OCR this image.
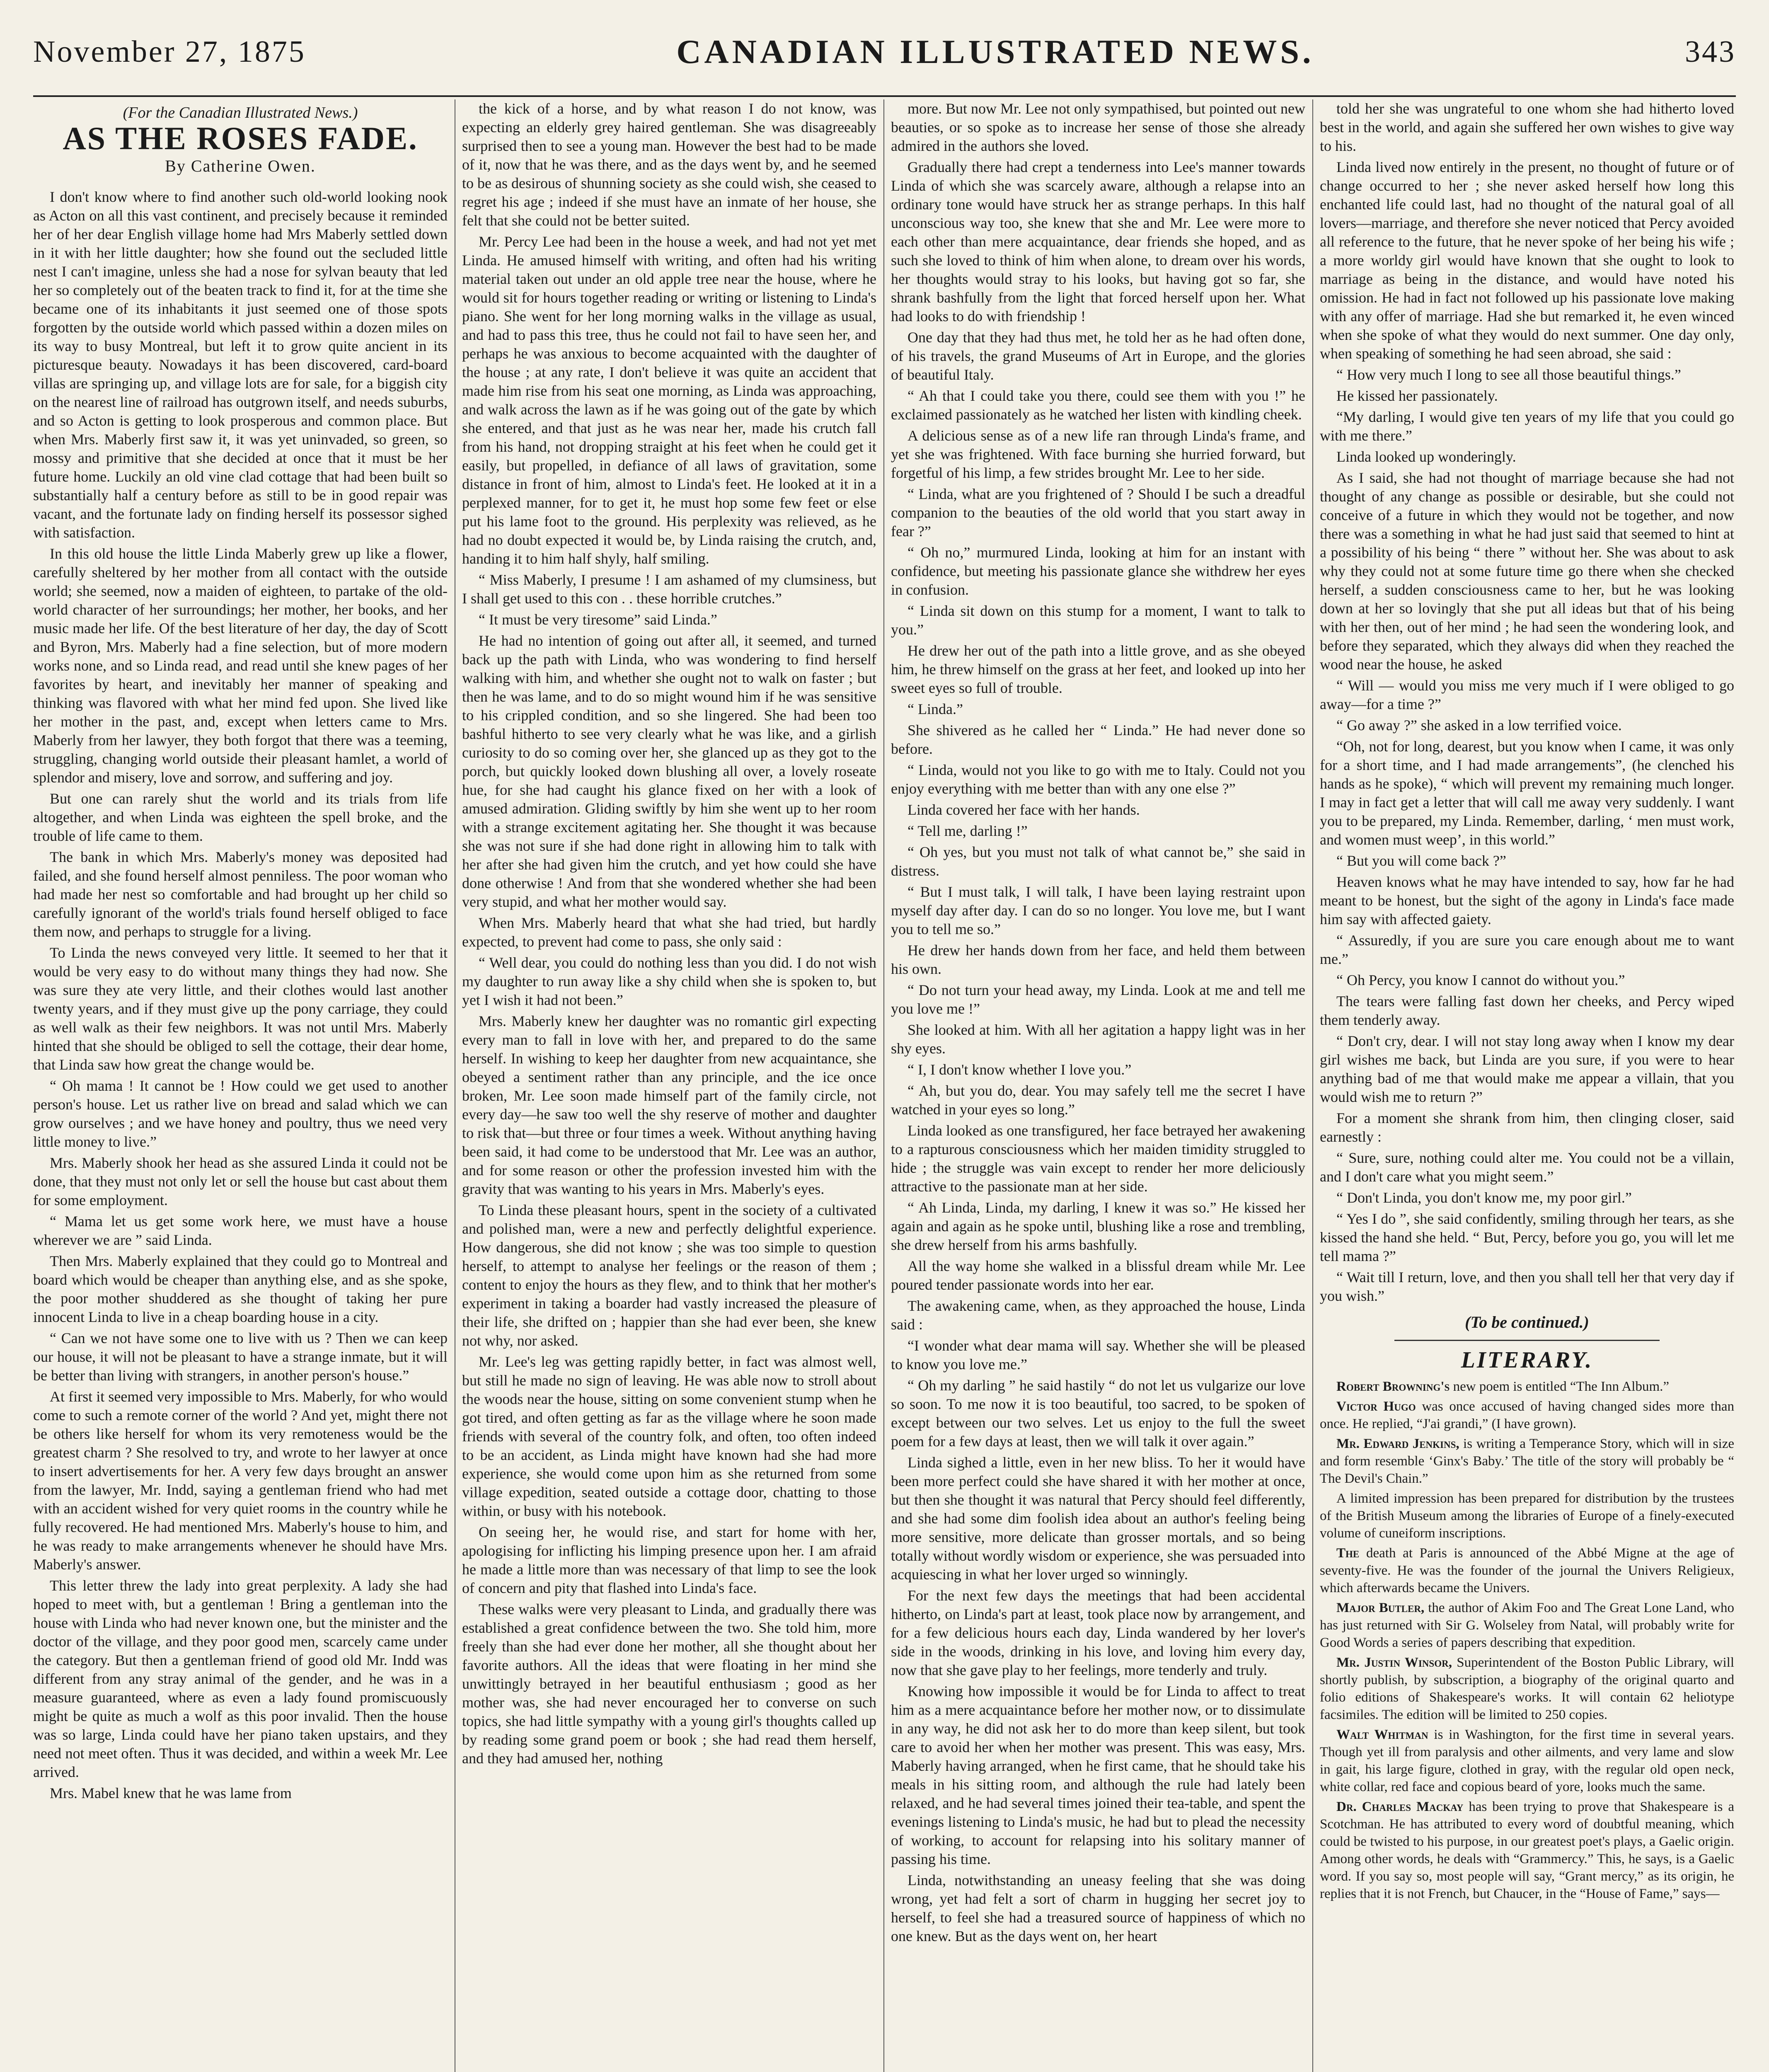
November 27, 1875	CANADIAN ILLUSTRATED NEWS.	343
(For the Canadian Illustrated News.)
AS THE ROSES FADE.
By Catherine Owen.

I don't know where to find another such old-world looking nook as Acton on all this vast continent, and precisely because it reminded her of her dear English village home had Mrs Maberly settled down in it with her little daughter; how she found out the secluded little nest I can't imagine, unless she had a nose for sylvan beauty that led her so completely out of the beaten track to find it, for at the time she became one of its inhabitants it just seemed one of those spots forgotten by the outside world which passed within a dozen miles on its way to busy Montreal, but left it to grow quite ancient in its picturesque beauty. Nowadays it has been discovered, card-board villas are springing up, and village lots are for sale, for a biggish city on the nearest line of railroad has outgrown itself, and needs suburbs, and so Acton is getting to look prosperous and common place. But when Mrs. Maberly first saw it, it was yet uninvaded, so green, so mossy and primitive that she decided at once that it must be her future home. Luckily an old vine clad cottage that had been built so substantially half a century before as still to be in good repair was vacant, and the fortunate lady on finding herself its possessor sighed with satisfaction.

In this old house the little Linda Maberly grew up like a flower, carefully sheltered by her mother from all contact with the outside world; she seemed, now a maiden of eighteen, to partake of the old-world character of her surroundings; her mother, her books, and her music made her life. Of the best literature of her day, the day of Scott and Byron, Mrs. Maberly had a fine selection, but of more modern works none, and so Linda read, and read until she knew pages of her favorites by heart, and inevitably her manner of speaking and thinking was flavored with what her mind fed upon. She lived like her mother in the past, and, except when letters came to Mrs. Maberly from her lawyer, they both forgot that there was a teeming, struggling, changing world outside their pleasant hamlet, a world of splendor and misery, love and sorrow, and suffering and joy.

But one can rarely shut the world and its trials from life altogether, and when Linda was eighteen the spell broke, and the trouble of life came to them.

The bank in which Mrs. Maberly's money was deposited had failed, and she found herself almost penniless. The poor woman who had made her nest so comfortable and had brought up her child so carefully ignorant of the world's trials found herself obliged to face them now, and perhaps to struggle for a living.

To Linda the news conveyed very little. It seemed to her that it would be very easy to do without many things they had now. She was sure they ate very little, and their clothes would last another twenty years, and if they must give up the pony carriage, they could as well walk as their few neighbors. It was not until Mrs. Maberly hinted that she should be obliged to sell the cottage, their dear home, that Linda saw how great the change would be.

“ Oh mama ! It cannot be ! How could we get used to another person's house. Let us rather live on bread and salad which we can grow ourselves ; and we have honey and poultry, thus we need very little money to live.”

Mrs. Maberly shook her head as she assured Linda it could not be done, that they must not only let or sell the house but cast about them for some employment.

“ Mama let us get some work here, we must have a house wherever we are ” said Linda.

Then Mrs. Maberly explained that they could go to Montreal and board which would be cheaper than anything else, and as she spoke, the poor mother shuddered as she thought of taking her pure innocent Linda to live in a cheap boarding house in a city.

“ Can we not have some one to live with us ? Then we can keep our house, it will not be pleasant to have a strange inmate, but it will be better than living with strangers, in another person's house.”

At first it seemed very impossible to Mrs. Maberly, for who would come to such a remote corner of the world ? And yet, might there not be others like herself for whom its very remoteness would be the greatest charm ? She resolved to try, and wrote to her lawyer at once to insert advertisements for her. A very few days brought an answer from the lawyer, Mr. Indd, saying a gentleman friend who had met with an accident wished for very quiet rooms in the country while he fully recovered. He had mentioned Mrs. Maberly's house to him, and he was ready to make arrangements whenever he should have Mrs. Maberly's answer.

This letter threw the lady into great perplexity. A lady she had hoped to meet with, but a gentleman ! Bring a gentleman into the house with Linda who had never known one, but the minister and the doctor of the village, and they poor good men, scarcely came under the category. But then a gentleman friend of good old Mr. Indd was different from any stray animal of the gender, and he was in a measure guaranteed, where as even a lady found promiscuously might be quite as much a wolf as this poor invalid. Then the house was so large, Linda could have her piano taken upstairs, and they need not meet often. Thus it was decided, and within a week Mr. Lee arrived.

Mrs. Mabel knew that he was lame from

the kick of a horse, and by what reason I do not know, was expecting an elderly grey haired gentleman. She was disagreeably surprised then to see a young man. However the best had to be made of it, now that he was there, and as the days went by, and he seemed to be as desirous of shunning society as she could wish, she ceased to regret his age ; indeed if she must have an inmate of her house, she felt that she could not be better suited.

Mr. Percy Lee had been in the house a week, and had not yet met Linda. He amused himself with writing, and often had his writing material taken out under an old apple tree near the house, where he would sit for hours together reading or writing or listening to Linda's piano. She went for her long morning walks in the village as usual, and had to pass this tree, thus he could not fail to have seen her, and perhaps he was anxious to become acquainted with the daughter of the house ; at any rate, I don't believe it was quite an accident that made him rise from his seat one morning, as Linda was approaching, and walk across the lawn as if he was going out of the gate by which she entered, and that just as he was near her, made his crutch fall from his hand, not dropping straight at his feet when he could get it easily, but propelled, in defiance of all laws of gravitation, some distance in front of him, almost to Linda's feet. He looked at it in a perplexed manner, for to get it, he must hop some few feet or else put his lame foot to the ground. His perplexity was relieved, as he had no doubt expected it would be, by Linda raising the crutch, and, handing it to him half shyly, half smiling.

“ Miss Maberly, I presume ! I am ashamed of my clumsiness, but I shall get used to this con . . these horrible crutches.”

“ It must be very tiresome” said Linda.”

He had no intention of going out after all, it seemed, and turned back up the path with Linda, who was wondering to find herself walking with him, and whether she ought not to walk on faster ; but then he was lame, and to do so might wound him if he was sensitive to his crippled condition, and so she lingered. She had been too bashful hitherto to see very clearly what he was like, and a girlish curiosity to do so coming over her, she glanced up as they got to the porch, but quickly looked down blushing all over, a lovely roseate hue, for she had caught his glance fixed on her with a look of amused admiration. Gliding swiftly by him she went up to her room with a strange excitement agitating her. She thought it was because she was not sure if she had done right in allowing him to talk with her after she had given him the crutch, and yet how could she have done otherwise ! And from that she wondered whether she had been very stupid, and what her mother would say.

When Mrs. Maberly heard that what she had tried, but hardly expected, to prevent had come to pass, she only said :

“ Well dear, you could do nothing less than you did. I do not wish my daughter to run away like a shy child when she is spoken to, but yet I wish it had not been.”

Mrs. Maberly knew her daughter was no romantic girl expecting every man to fall in love with her, and prepared to do the same herself. In wishing to keep her daughter from new acquaintance, she obeyed a sentiment rather than any principle, and the ice once broken, Mr. Lee soon made himself part of the family circle, not every day—he saw too well the shy reserve of mother and daughter to risk that—but three or four times a week. Without anything having been said, it had come to be understood that Mr. Lee was an author, and for some reason or other the profession invested him with the gravity that was wanting to his years in Mrs. Maberly's eyes.

To Linda these pleasant hours, spent in the society of a cultivated and polished man, were a new and perfectly delightful experience. How dangerous, she did not know ; she was too simple to question herself, to attempt to analyse her feelings or the reason of them ; content to enjoy the hours as they flew, and to think that her mother's experiment in taking a boarder had vastly increased the pleasure of their life, she drifted on ; happier than she had ever been, she knew not why, nor asked.

Mr. Lee's leg was getting rapidly better, in fact was almost well, but still he made no sign of leaving. He was able now to stroll about the woods near the house, sitting on some convenient stump when he got tired, and often getting as far as the village where he soon made friends with several of the country folk, and often, too often indeed to be an accident, as Linda might have known had she had more experience, she would come upon him as she returned from some village expedition, seated outside a cottage door, chatting to those within, or busy with his notebook.

On seeing her, he would rise, and start for home with her, apologising for inflicting his limping presence upon her. I am afraid he made a little more than was necessary of that limp to see the look of concern and pity that flashed into Linda's face.

These walks were very pleasant to Linda, and gradually there was established a great confidence between the two. She told him, more freely than she had ever done her mother, all she thought about her favorite authors. All the ideas that were floating in her mind she unwittingly betrayed in her beautiful enthusiasm ; good as her mother was, she had never encouraged her to converse on such topics, she had little sympathy with a young girl's thoughts called up by reading some grand poem or book ; she had read them herself, and they had amused her, nothing

more. But now Mr. Lee not only sympathised, but pointed out new beauties, or so spoke as to increase her sense of those she already admired in the authors she loved.

Gradually there had crept a tenderness into Lee's manner towards Linda of which she was scarcely aware, although a relapse into an ordinary tone would have struck her as strange perhaps. In this half unconscious way too, she knew that she and Mr. Lee were more to each other than mere acquaintance, dear friends she hoped, and as such she loved to think of him when alone, to dream over his words, her thoughts would stray to his looks, but having got so far, she shrank bashfully from the light that forced herself upon her. What had looks to do with friendship !

One day that they had thus met, he told her as he had often done, of his travels, the grand Museums of Art in Europe, and the glories of beautiful Italy.

“ Ah that I could take you there, could see them with you !” he exclaimed passionately as he watched her listen with kindling cheek.

A delicious sense as of a new life ran through Linda's frame, and yet she was frightened. With face burning she hurried forward, but forgetful of his limp, a few strides brought Mr. Lee to her side.

“ Linda, what are you frightened of ? Should I be such a dreadful companion to the beauties of the old world that you start away in fear ?”

“ Oh no,” murmured Linda, looking at him for an instant with confidence, but meeting his passionate glance she withdrew her eyes in confusion.

“ Linda sit down on this stump for a moment, I want to talk to you.”

He drew her out of the path into a little grove, and as she obeyed him, he threw himself on the grass at her feet, and looked up into her sweet eyes so full of trouble.

“ Linda.”

She shivered as he called her “ Linda.” He had never done so before.

“ Linda, would not you like to go with me to Italy. Could not you enjoy everything with me better than with any one else ?”

Linda covered her face with her hands.

“ Tell me, darling !”

“ Oh yes, but you must not talk of what cannot be,” she said in distress.

“ But I must talk, I will talk, I have been laying restraint upon myself day after day. I can do so no longer. You love me, but I want you to tell me so.”

He drew her hands down from her face, and held them between his own.

“ Do not turn your head away, my Linda. Look at me and tell me you love me !”

She looked at him. With all her agitation a happy light was in her shy eyes.

“ I, I don't know whether I love you.”

“ Ah, but you do, dear. You may safely tell me the secret I have watched in your eyes so long.”

Linda looked as one transfigured, her face betrayed her awakening to a rapturous consciousness which her maiden timidity struggled to hide ; the struggle was vain except to render her more deliciously attractive to the passionate man at her side.

“ Ah Linda, Linda, my darling, I knew it was so.” He kissed her again and again as he spoke until, blushing like a rose and trembling, she drew herself from his arms bashfully.

All the way home she walked in a blissful dream while Mr. Lee poured tender passionate words into her ear.

The awakening came, when, as they approached the house, Linda said :

“I wonder what dear mama will say. Whether she will be pleased to know you love me.”

“ Oh my darling ” he said hastily “ do not let us vulgarize our love so soon. To me now it is too beautiful, too sacred, to be spoken of except between our two selves. Let us enjoy to the full the sweet poem for a few days at least, then we will talk it over again.”

Linda sighed a little, even in her new bliss. To her it would have been more perfect could she have shared it with her mother at once, but then she thought it was natural that Percy should feel differently, and she had some dim foolish idea about an author's feeling being more sensitive, more delicate than grosser mortals, and so being totally without wordly wisdom or experience, she was persuaded into acquiescing in what her lover urged so winningly.

For the next few days the meetings that had been accidental hitherto, on Linda's part at least, took place now by arrangement, and for a few delicious hours each day, Linda wandered by her lover's side in the woods, drinking in his love, and loving him every day, now that she gave play to her feelings, more tenderly and truly.

Knowing how impossible it would be for Linda to affect to treat him as a mere acquaintance before her mother now, or to dissimulate in any way, he did not ask her to do more than keep silent, but took care to avoid her when her mother was present. This was easy, Mrs. Maberly having arranged, when he first came, that he should take his meals in his sitting room, and although the rule had lately been relaxed, and he had several times joined their tea-table, and spent the evenings listening to Linda's music, he had but to plead the necessity of working, to account for relapsing into his solitary manner of passing his time.

Linda, notwithstanding an uneasy feeling that she was doing wrong, yet had felt a sort of charm in hugging her secret joy to herself, to feel she had a treasured source of happiness of which no one knew. But as the days went on, her heart

told her she was ungrateful to one whom she had hitherto loved best in the world, and again she suffered her own wishes to give way to his.

Linda lived now entirely in the present, no thought of future or of change occurred to her ; she never asked herself how long this enchanted life could last, had no thought of the natural goal of all lovers—marriage, and therefore she never noticed that Percy avoided all reference to the future, that he never spoke of her being his wife ; a more worldy girl would have known that she ought to look to marriage as being in the distance, and would have noted his omission. He had in fact not followed up his passionate love making with any offer of marriage. Had she but remarked it, he even winced when she spoke of what they would do next summer. One day only, when speaking of something he had seen abroad, she said :

“ How very much I long to see all those beautiful things.”

He kissed her passionately.

“My darling, I would give ten years of my life that you could go with me there.”

Linda looked up wonderingly.

As I said, she had not thought of marriage because she had not thought of any change as possible or desirable, but she could not conceive of a future in which they would not be together, and now there was a something in what he had just said that seemed to hint at a possibility of his being “ there ” without her. She was about to ask why they could not at some future time go there when she checked herself, a sudden consciousness came to her, but he was looking down at her so lovingly that she put all ideas but that of his being with her then, out of her mind ; he had seen the wondering look, and before they separated, which they always did when they reached the wood near the house, he asked

“ Will — would you miss me very much if I were obliged to go away—for a time ?”

“ Go away ?” she asked in a low terrified voice.

“Oh, not for long, dearest, but you know when I came, it was only for a short time, and I had made arrangements”, (he clenched his hands as he spoke), “ which will prevent my remaining much longer. I may in fact get a letter that will call me away very suddenly. I want you to be prepared, my Linda. Remember, darling, ‘ men must work, and women must weep’, in this world.”

“ But you will come back ?”

Heaven knows what he may have intended to say, how far he had meant to be honest, but the sight of the agony in Linda's face made him say with affected gaiety.

“ Assuredly, if you are sure you care enough about me to want me.”

“ Oh Percy, you know I cannot do without you.”

The tears were falling fast down her cheeks, and Percy wiped them tenderly away.

“ Don't cry, dear. I will not stay long away when I know my dear girl wishes me back, but Linda are you sure, if you were to hear anything bad of me that would make me appear a villain, that you would wish me to return ?”

For a moment she shrank from him, then clinging closer, said earnestly :

“ Sure, sure, nothing could alter me. You could not be a villain, and I don't care what you might seem.”

“ Don't Linda, you don't know me, my poor girl.”

“ Yes I do ”, she said confidently, smiling through her tears, as she kissed the hand she held. “ But, Percy, before you go, you will let me tell mama ?”

“ Wait till I return, love, and then you shall tell her that very day if you wish.”

(To be continued.)
LITERARY.

Robert Browning's new poem is entitled “The Inn Album.”

Victor Hugo was once accused of having changed sides more than once. He replied, “J'ai grandi,” (I have grown).

Mr. Edward Jenkins, is writing a Temperance Story, which will in size and form resemble ‘Ginx's Baby.’ The title of the story will probably be “ The Devil's Chain.”

A limited impression has been prepared for distribution by the trustees of the British Museum among the libraries of Europe of a finely-executed volume of cuneiform inscriptions.

The death at Paris is announced of the Abbé Migne at the age of seventy-five. He was the founder of the journal the Univers Religieux, which afterwards became the Univers.

Major Butler, the author of Akim Foo and The Great Lone Land, who has just returned with Sir G. Wolseley from Natal, will probably write for Good Words a series of papers describing that expedition.

Mr. Justin Winsor, Superintendent of the Boston Public Library, will shortly publish, by subscription, a biography of the original quarto and folio editions of Shakespeare's works. It will contain 62 heliotype facsimiles. The edition will be limited to 250 copies.

Walt Whitman is in Washington, for the first time in several years. Though yet ill from paralysis and other ailments, and very lame and slow in gait, his large figure, clothed in gray, with the regular old open neck, white collar, red face and copious beard of yore, looks much the same.

Dr. Charles Mackay has been trying to prove that Shakespeare is a Scotchman. He has attributed to every word of doubtful meaning, which could be twisted to his purpose, in our greatest poet's plays, a Gaelic origin. Among other words, he deals with “Grammercy.” This, he says, is a Gaelic word. If you say so, most people will say, “Grant mercy,” as its origin, he replies that it is not French, but Chaucer, in the “House of Fame,” says—
